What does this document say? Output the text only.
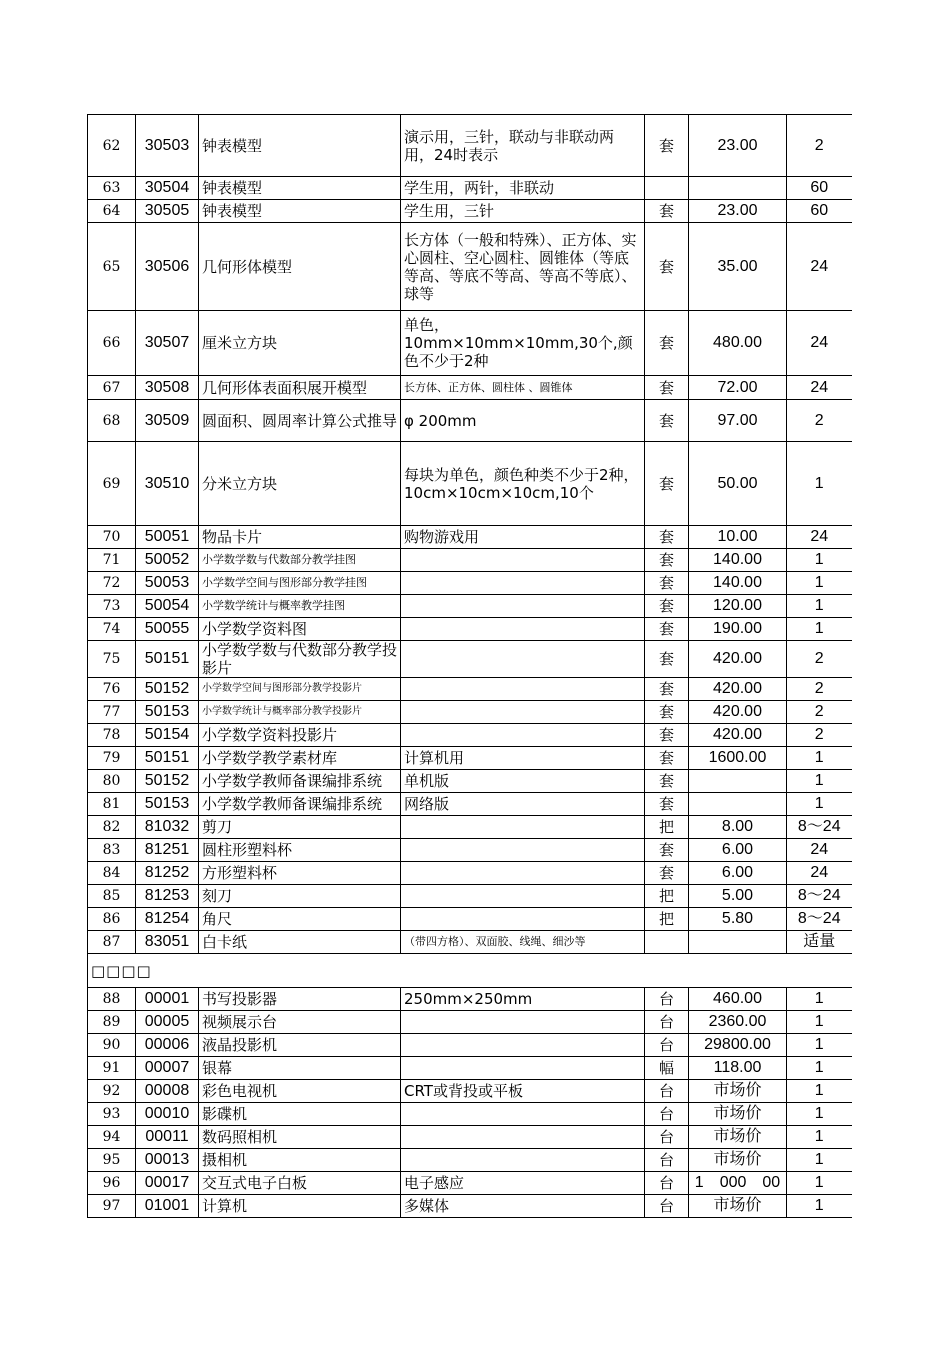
62	30503	钟表模型	演示用，三针，联动与非联动两用，24时表示	套	23.00	2
63	30504	钟表模型	学生用，两针，非联动			60
64	30505	钟表模型	学生用，三针	套	23.00	60
65	30506	几何形体模型	长方体（一般和特殊）、正方体、实心圆柱、空心圆柱、圆锥体（等底等高、等底不等高、等高不等底）、球等	套	35.00	24
66	30507	厘米立方块	单色，10mm×10mm×10mm,30个,颜色不少于2种	套	480.00	24
67	30508	几何形体表面积展开模型	长方体、正方体、圆柱体 、圆锥体	套	72.00	24
68	30509	圆面积、圆周率计算公式推导	φ 200mm	套	97.00	2
69	30510	分米立方块	每块为单色，颜色种类不少于2种，10cm×10cm×10cm,10个	套	50.00	1
70	50051	物品卡片	购物游戏用	套	10.00	24
71	50052	小学数学数与代数部分教学挂图		套	140.00	1
72	50053	小学数学空间与图形部分教学挂图		套	140.00	1
73	50054	小学数学统计与概率教学挂图		套	120.00	1
74	50055	小学数学资料图		套	190.00	1
75	50151	小学数学数与代数部分教学投影片		套	420.00	2
76	50152	小学数学空间与图形部分教学投影片		套	420.00	2
77	50153	小学数学统计与概率部分教学投影片		套	420.00	2
78	50154	小学数学资料投影片		套	420.00	2
79	50151	小学数学教学素材库	计算机用	套	1600.00	1
80	50152	小学数学教师备课编排系统	单机版	套		1
81	50153	小学数学教师备课编排系统	网络版	套		1
82	81032	剪刀		把	8.00	8～24
83	81251	圆柱形塑料杯		套	6.00	24
84	81252	方形塑料杯		套	6.00	24
85	81253	刻刀		把	5.00	8～24
86	81254	角尺		把	5.80	8～24
87	83051	白卡纸	（带四方格）、双面胶、线绳、细沙等			适量
□□□□						
88	00001	书写投影器	250mm×250mm	台	460.00	1
89	00005	视频展示台		台	2360.00	1
90	00006	液晶投影机		台	29800.00	1
91	00007	银幕		幅	118.00	1
92	00008	彩色电视机	CRT或背投或平板	台	市场价	1
93	00010	影碟机		台	市场价	1
94	00011	数码照相机		台	市场价	1
95	00013	摄相机		台	市场价	1
96	00017	交互式电子白板	电子感应	台	1　000　00	1
97	01001	计算机	多媒体	台	市场价	1
